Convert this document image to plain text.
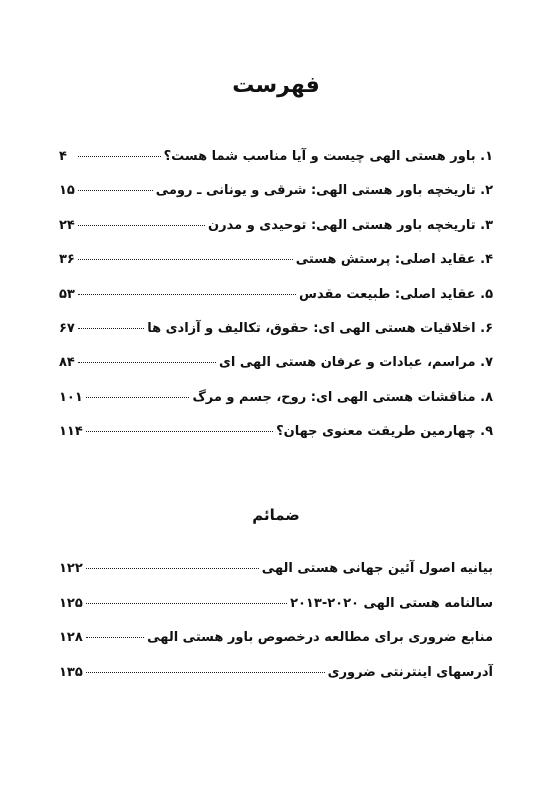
فهرست
۱. باور هستی الهی چیست و آیا مناسب شما هست؟
۴
۲. تاریخچه باور هستی الهی: شرقی و یونانی ـ رومی
۱۵
۳. تاریخچه باور هستی الهی: توحیدی و مدرن
۲۴
۴. عقاید اصلی: پرستش هستی
۳۶
۵. عقاید اصلی: طبیعت مقدس
۵۳
۶. اخلاقیات هستی الهی ای: حقوق، تکالیف و آزادی ها
۶۷
۷. مراسم، عبادات و عرفان هستی الهی ای
۸۴
۸. مناقشات هستی الهی ای: روح، جسم و مرگ
۱۰۱
۹. چهارمین طریقت معنوی جهان؟
۱۱۴
ضمائم
بیانیه اصول آئین جهانی هستی الهی
۱۲۲
سالنامه هستی الهی ۲۰۲۰-۲۰۱۳
۱۲۵
منابع ضروری برای مطالعه درخصوص باور هستی الهی
۱۲۸
آدرسهای اینترنتی ضروری
۱۳۵
